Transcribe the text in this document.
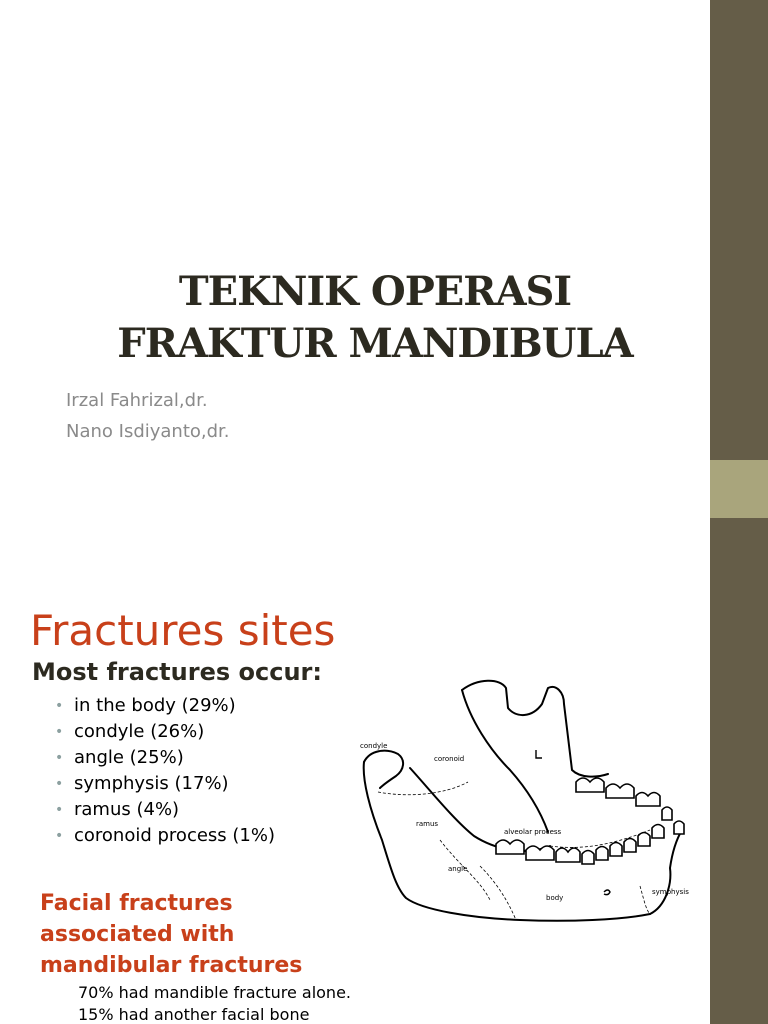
TEKNIK OPERASI
FRAKTUR MANDIBULA
Irzal Fahrizal,dr.
Nano Isdiyanto,dr.
Fractures sites
Most fractures occur:
• in the body (29%)
• condyle (26%)
• angle (25%)
• symphysis (17%)
• ramus (4%)
• coronoid process (1%)
Facial fractures
associated with
mandibular fractures
70% had mandible fracture alone.
15% had another facial bone
condyle
coronoid
ramus
alveolar process
angle
body
symphysis
